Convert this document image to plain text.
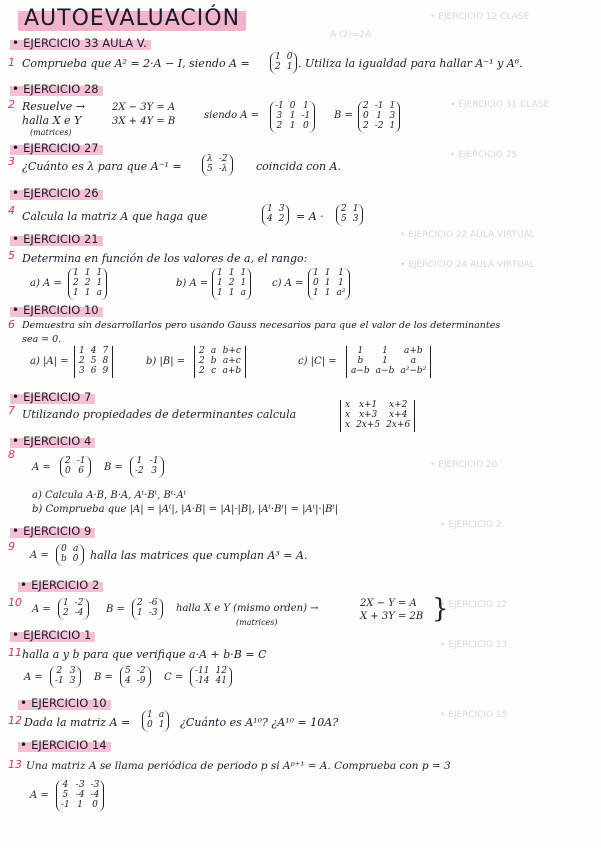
• EJERCICIO 12 CLASE
A·(2)=2A
• EJERCICIO 31 CLASE
• EJERCICIO 25
• EJERCICIO 22 AULA VIRTUAL
• EJERCICIO 24 AULA VIRTUAL
• EJERCICIO 20
• EJERCICIO 2
• EJERCICIO 12
• EJERCICIO 13
• EJERCICIO 15
AUTOEVALUACIÓN
• EJERCICIO 33 AULA V.
1 Comprueba que A² = 2·A − I, siendo A =	1 0
2 1 . Utiliza la igualdad para hallar A⁻¹ y A⁶.
• EJERCICIO 28
2 Resuelve →
halla X e Y
(matrices)
2X − 3Y = A
3X + 4Y = B
siendo A =
-1 0 1
3 1 -1
2 1 0
B =
2 -1 1
0 1 3
2 -2 1
• EJERCICIO 27
3 ¿Cuánto es λ para que A⁻¹ =
λ -2
5 -λ	coincida con A.
• EJERCICIO 26
4 Calcula la matriz A que haga que
1 3
4 2 = A ·
2 1
5 3
• EJERCICIO 21
5 Determina en función de los valores de a, el rango:
a) A =
1 1 1
2 2 1
1 1 a
b) A =
1 1 1
1 2 1
1 1 a
c) A =
1 1 1
0 1 1
1 1 a²
• EJERCICIO 10
6 Demuestra sin desarrollarlos pero usando Gauss necesarios para que el valor de los determinantes
sea = 0.
a) |A| =
1 4 7
2 5 8
3 6 9
b) |B| =
2 a b+c
2 b a+c
2 c a+b
c) |C| =
1	1	a+b
b	1	a
a−b a−b a²−b²
• EJERCICIO 7
7 Utilizando propiedades de determinantes calcula
x x+1	x+2
x x+3	x+4
x 2x+5 2x+6
• EJERCICIO 4
8
A =
2 -1
0 6 B =
1 -1
-2 3
a) Calcula A·B, B·A, Aᵗ·Bᵗ, Bᵗ·Aᵗ
b) Comprueba que |A| = |Aᵗ|, |A·B| = |A|·|B|, |Aᵗ·Bᵗ| = |Aᵗ|·|Bᵗ|
• EJERCICIO 9
9
A =
0 a
b 0 halla las matrices que cumplan A³ = A.
• EJERCICIO 2
10
A =
1 -2
2 -4 B =
2 -6
1 -3 halla X e Y (mismo orden) →
(matrices)
2X − Y = A
X + 3Y = 2B }
• EJERCICIO 1
11 halla a y b para que verifique a·A + b·B = C
A =
2 3
-1 3 B =
5 -2
4 -9 C =
-11 12
-14 41
• EJERCICIO 10
12 Dada la matriz A =
1 a
0 1 ¿Cuánto es A¹⁰? ¿A¹⁰ = 10A?
• EJERCICIO 14
13 Una matriz A se llama periódica de periodo p si Aᵖ⁺¹ = A. Comprueba con p = 3
A =
4 -3 -3
5 -4 -4
-1 1 0
